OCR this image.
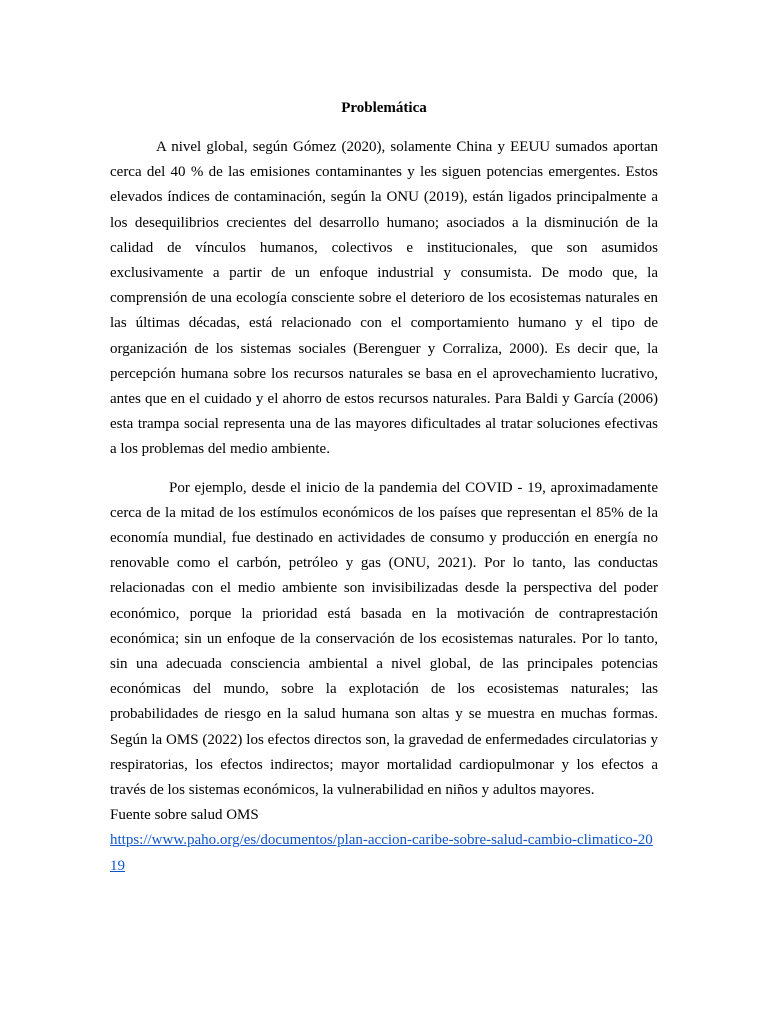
Problemática

A nivel global, según Gómez (2020), solamente China y EEUU sumados aportan cerca del 40 % de las emisiones contaminantes y les siguen potencias emergentes. Estos elevados índices de contaminación, según la ONU (2019), están ligados principalmente a los desequilibrios crecientes del desarrollo humano; asociados a la disminución de la calidad de vínculos humanos, colectivos e institucionales, que son asumidos exclusivamente a partir de un enfoque industrial y consumista. De modo que, la comprensión de una ecología consciente sobre el deterioro de los ecosistemas naturales en las últimas décadas, está relacionado con el comportamiento humano y el tipo de organización de los sistemas sociales (Berenguer y Corraliza, 2000). Es decir que, la percepción humana sobre los recursos naturales se basa en el aprovechamiento lucrativo, antes que en el cuidado y el ahorro de estos recursos naturales. Para Baldi y García (2006) esta trampa social representa una de las mayores dificultades al tratar soluciones efectivas a los problemas del medio ambiente.

Por ejemplo, desde el inicio de la pandemia del COVID - 19, aproximadamente cerca de la mitad de los estímulos económicos de los países que representan el 85% de la economía mundial, fue destinado en actividades de consumo y producción en energía no renovable como el carbón, petróleo y gas (ONU, 2021). Por lo tanto, las conductas relacionadas con el medio ambiente son invisibilizadas desde la perspectiva del poder económico, porque la prioridad está basada en la motivación de contraprestación económica; sin un enfoque de la conservación de los ecosistemas naturales. Por lo tanto, sin una adecuada consciencia ambiental a nivel global, de las principales potencias económicas del mundo, sobre la explotación de los ecosistemas naturales; las probabilidades de riesgo en la salud humana son altas y se muestra en muchas formas. Según la OMS (2022) los efectos directos son, la gravedad de enfermedades circulatorias y respiratorias, los efectos indirectos; mayor mortalidad cardiopulmonar y los efectos a través de los sistemas económicos, la vulnerabilidad en niños y adultos mayores.

Fuente sobre salud OMS

https://www.paho.org/es/documentos/plan-accion-caribe-sobre-salud-cambio-climatico-2019
